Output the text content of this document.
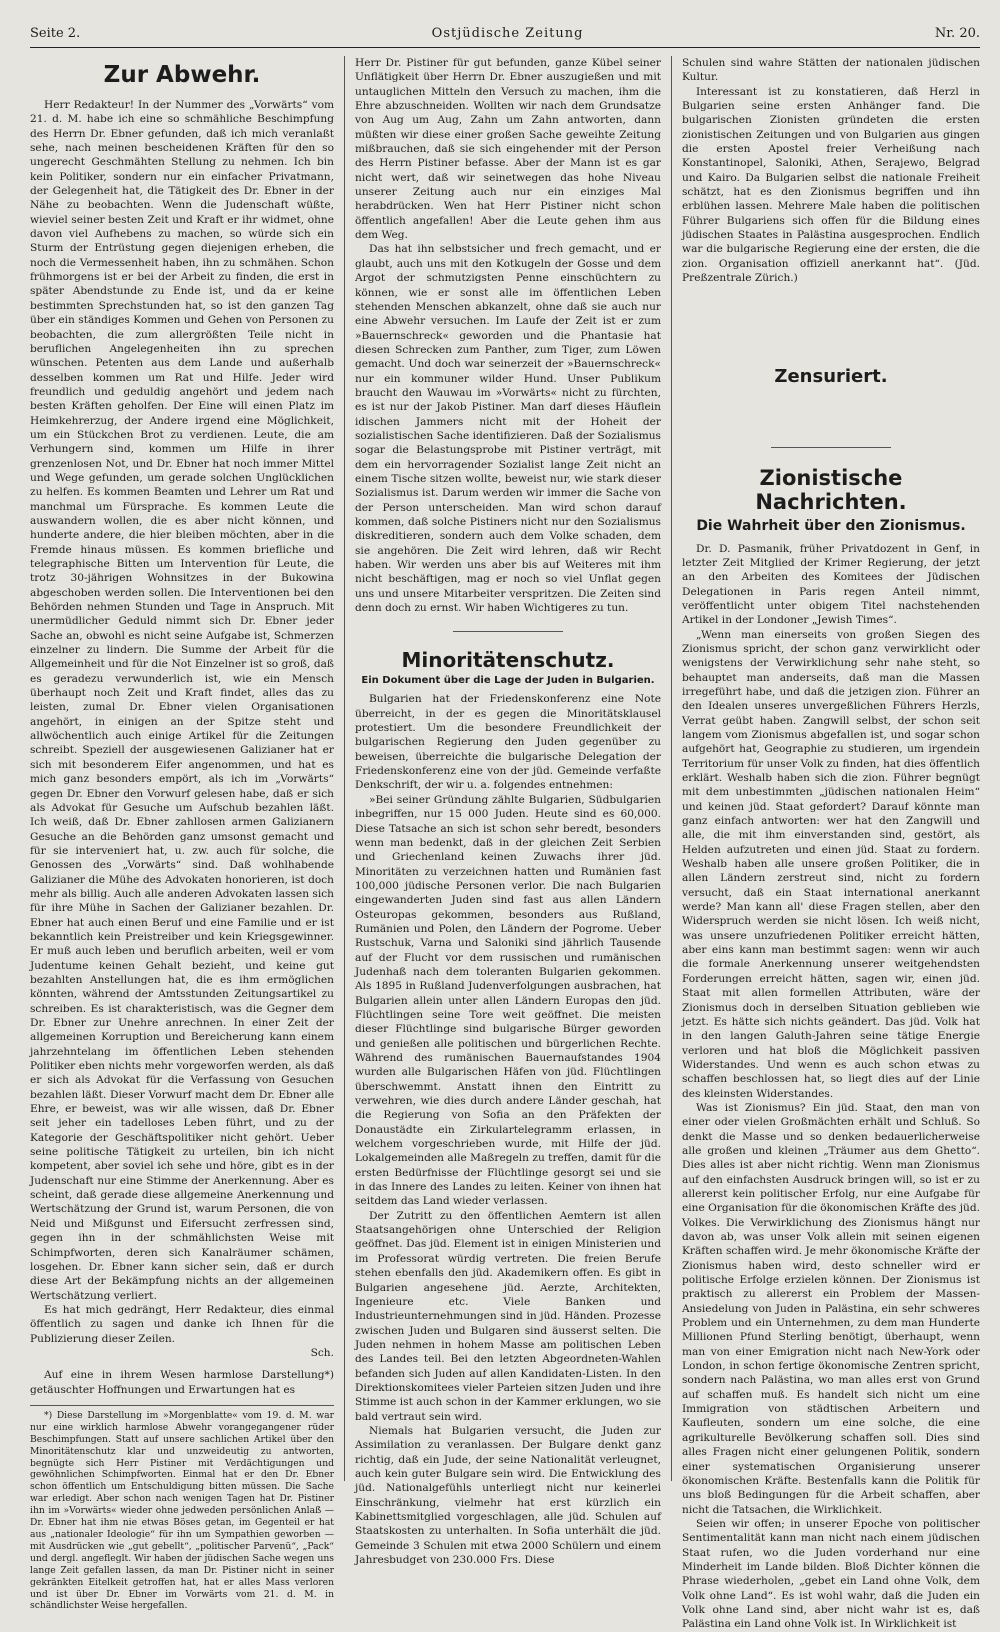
Seite 2.	Ostjüdische Zeitung	Nr. 20.
Zur Abwehr.

Herr Redakteur! In der Nummer des „Vorwärts“ vom 21. d. M. habe ich eine so schmähliche Beschimpfung des Herrn Dr. Ebner gefunden, daß ich mich veranlaßt sehe, nach meinen bescheidenen Kräften für den so ungerecht Geschmähten Stellung zu nehmen. Ich bin kein Politiker, sondern nur ein einfacher Privatmann, der Gelegenheit hat, die Tätigkeit des Dr. Ebner in der Nähe zu beobachten. Wenn die Judenschaft wüßte, wieviel seiner besten Zeit und Kraft er ihr widmet, ohne davon viel Aufhebens zu machen, so würde sich ein Sturm der Entrüstung gegen diejenigen erheben, die noch die Vermessenheit haben, ihn zu schmähen. Schon frühmorgens ist er bei der Arbeit zu finden, die erst in später Abendstunde zu Ende ist, und da er keine bestimmten Sprechstunden hat, so ist den ganzen Tag über ein ständiges Kommen und Gehen von Personen zu beobachten, die zum allergrößten Teile nicht in beruflichen Angelegenheiten ihn zu sprechen wünschen. Petenten aus dem Lande und außerhalb desselben kommen um Rat und Hilfe. Jeder wird freundlich und geduldig angehört und jedem nach besten Kräften geholfen. Der Eine will einen Platz im Heimkehrerzug, der Andere irgend eine Möglichkeit, um ein Stückchen Brot zu verdienen. Leute, die am Verhungern sind, kommen um Hilfe in ihrer grenzenlosen Not, und Dr. Ebner hat noch immer Mittel und Wege gefunden, um gerade solchen Unglücklichen zu helfen. Es kommen Beamten und Lehrer um Rat und manchmal um Fürsprache. Es kommen Leute die auswandern wollen, die es aber nicht können, und hunderte andere, die hier bleiben möchten, aber in die Fremde hinaus müssen. Es kommen briefliche und telegraphische Bitten um Intervention für Leute, die trotz 30-jährigen Wohnsitzes in der Bukowina abgeschoben werden sollen. Die Interventionen bei den Behörden nehmen Stunden und Tage in Anspruch. Mit unermüdlicher Geduld nimmt sich Dr. Ebner jeder Sache an, obwohl es nicht seine Aufgabe ist, Schmerzen einzelner zu lindern. Die Summe der Arbeit für die Allgemeinheit und für die Not Einzelner ist so groß, daß es geradezu verwunderlich ist, wie ein Mensch überhaupt noch Zeit und Kraft findet, alles das zu leisten, zumal Dr. Ebner vielen Organisationen angehört, in einigen an der Spitze steht und allwöchentlich auch einige Artikel für die Zeitungen schreibt. Speziell der ausgewiesenen Galizianer hat er sich mit besonderem Eifer angenommen, und hat es mich ganz besonders empört, als ich im „Vorwärts“ gegen Dr. Ebner den Vorwurf gelesen habe, daß er sich als Advokat für Gesuche um Aufschub bezahlen läßt. Ich weiß, daß Dr. Ebner zahllosen armen Galizianern Gesuche an die Behörden ganz umsonst gemacht und für sie interveniert hat, u. zw. auch für solche, die Genossen des „Vorwärts“ sind. Daß wohlhabende Galizianer die Mühe des Advokaten honorieren, ist doch mehr als billig. Auch alle anderen Advokaten lassen sich für ihre Mühe in Sachen der Galizianer bezahlen. Dr. Ebner hat auch einen Beruf und eine Familie und er ist bekanntlich kein Preistreiber und kein Kriegsgewinner. Er muß auch leben und beruflich arbeiten, weil er vom Judentume keinen Gehalt bezieht, und keine gut bezahlten Anstellungen hat, die es ihm ermöglichen könnten, während der Amtsstunden Zeitungsartikel zu schreiben. Es ist charakteristisch, was die Gegner dem Dr. Ebner zur Unehre anrechnen. In einer Zeit der allgemeinen Korruption und Bereicherung kann einem jahrzehntelang im öffentlichen Leben stehenden Politiker eben nichts mehr vorgeworfen werden, als daß er sich als Advokat für die Verfassung von Gesuchen bezahlen läßt. Dieser Vorwurf macht dem Dr. Ebner alle Ehre, er beweist, was wir alle wissen, daß Dr. Ebner seit jeher ein tadelloses Leben führt, und zu der Kategorie der Geschäftspolitiker nicht gehört. Ueber seine politische Tätigkeit zu urteilen, bin ich nicht kompetent, aber soviel ich sehe und höre, gibt es in der Judenschaft nur eine Stimme der Anerkennung. Aber es scheint, daß gerade diese allgemeine Anerkennung und Wertschätzung der Grund ist, warum Personen, die von Neid und Mißgunst und Eifersucht zerfressen sind, gegen ihn in der schmählichsten Weise mit Schimpfworten, deren sich Kanalräumer schämen, losgehen. Dr. Ebner kann sicher sein, daß er durch diese Art der Bekämpfung nichts an der allgemeinen Wertschätzung verliert.

Es hat mich gedrängt, Herr Redakteur, dies einmal öffentlich zu sagen und danke ich Ihnen für die Publizierung dieser Zeilen.

Sch.

Auf eine in ihrem Wesen harmlose Darstellung*) getäuschter Hoffnungen und Erwartungen hat es

*) Diese Darstellung im »Morgenblatte« vom 19. d. M. war nur eine wirklich harmlose Abwehr vorangegangener rüder Beschimpfungen. Statt auf unsere sachlichen Artikel über den Minoritätenschutz klar und unzweideutig zu antworten, begnügte sich Herr Pistiner mit Verdächtigungen und gewöhnlichen Schimpfworten. Einmal hat er den Dr. Ebner schon öffentlich um Entschuldigung bitten müssen. Die Sache war erledigt. Aber schon nach wenigen Tagen hat Dr. Pistiner ihn im »Vorwärts« wieder ohne jedweden persönlichen Anlaß — Dr. Ebner hat ihm nie etwas Böses getan, im Gegenteil er hat aus „nationaler Ideologie“ für ihn um Sympathien geworben — mit Ausdrücken wie „gut gebellt“, „politischer Parvenü“, „Pack“ und dergl. angefleglt. Wir haben der jüdischen Sache wegen uns lange Zeit gefallen lassen, da man Dr. Pistiner nicht in seiner gekränkten Eitelkeit getroffen hat, hat er alles Mass verloren und ist über Dr. Ebner im Vorwärts vom 21. d. M. in schändlichster Weise hergefallen.

Herr Dr. Pistiner für gut befunden, ganze Kübel seiner Unflätigkeit über Herrn Dr. Ebner auszugießen und mit untauglichen Mitteln den Versuch zu machen, ihm die Ehre abzuschneiden. Wollten wir nach dem Grundsatze von Aug um Aug, Zahn um Zahn antworten, dann müßten wir diese einer großen Sache geweihte Zeitung mißbrauchen, daß sie sich eingehender mit der Person des Herrn Pistiner befasse. Aber der Mann ist es gar nicht wert, daß wir seinetwegen das hohe Niveau unserer Zeitung auch nur ein einziges Mal herabdrücken. Wen hat Herr Pistiner nicht schon öffentlich angefallen! Aber die Leute gehen ihm aus dem Weg.

Das hat ihn selbstsicher und frech gemacht, und er glaubt, auch uns mit den Kotkugeln der Gosse und dem Argot der schmutzigsten Penne einschüchtern zu können, wie er sonst alle im öffentlichen Leben stehenden Menschen abkanzelt, ohne daß sie auch nur eine Abwehr versuchen. Im Laufe der Zeit ist er zum »Bauernschreck« geworden und die Phantasie hat diesen Schrecken zum Panther, zum Tiger, zum Löwen gemacht. Und doch war seinerzeit der »Bauernschreck« nur ein kommuner wilder Hund. Unser Publikum braucht den Wauwau im »Vorwärts« nicht zu fürchten, es ist nur der Jakob Pistiner. Man darf dieses Häuflein idischen Jammers nicht mit der Hoheit der sozialistischen Sache identifizieren. Daß der Sozialismus sogar die Belastungsprobe mit Pistiner verträgt, mit dem ein hervorragender Sozialist lange Zeit nicht an einem Tische sitzen wollte, beweist nur, wie stark dieser Sozialismus ist. Darum werden wir immer die Sache von der Person unterscheiden. Man wird schon darauf kommen, daß solche Pistiners nicht nur den Sozialismus diskreditieren, sondern auch dem Volke schaden, dem sie angehören. Die Zeit wird lehren, daß wir Recht haben. Wir werden uns aber bis auf Weiteres mit ihm nicht beschäftigen, mag er noch so viel Unflat gegen uns und unsere Mitarbeiter verspritzen. Die Zeiten sind denn doch zu ernst. Wir haben Wichtigeres zu tun.

Minoritätenschutz.
Ein Dokument über die Lage der Juden in Bulgarien.

Bulgarien hat der Friedenskonferenz eine Note überreicht, in der es gegen die Minoritätsklausel protestiert. Um die besondere Freundlichkeit der bulgarischen Regierung den Juden gegenüber zu beweisen, überreichte die bulgarische Delegation der Friedenskonferenz eine von der jüd. Gemeinde verfaßte Denkschrift, der wir u. a. folgendes entnehmen:

»Bei seiner Gründung zählte Bulgarien, Südbulgarien inbegriffen, nur 15 000 Juden. Heute sind es 60,000. Diese Tatsache an sich ist schon sehr beredt, besonders wenn man bedenkt, daß in der gleichen Zeit Serbien und Griechenland keinen Zuwachs ihrer jüd. Minoritäten zu verzeichnen hatten und Rumänien fast 100,000 jüdische Personen verlor. Die nach Bulgarien eingewanderten Juden sind fast aus allen Ländern Osteuropas gekommen, besonders aus Rußland, Rumänien und Polen, den Ländern der Pogrome. Ueber Rustschuk, Varna und Saloniki sind jährlich Tausende auf der Flucht vor dem russischen und rumänischen Judenhaß nach dem toleranten Bulgarien gekommen. Als 1895 in Rußland Judenverfolgungen ausbrachen, hat Bulgarien allein unter allen Ländern Europas den jüd. Flüchtlingen seine Tore weit geöffnet. Die meisten dieser Flüchtlinge sind bulgarische Bürger geworden und genießen alle politischen und bürgerlichen Rechte. Während des rumänischen Bauernaufstandes 1904 wurden alle Bulgarischen Häfen von jüd. Flüchtlingen überschwemmt. Anstatt ihnen den Eintritt zu verwehren, wie dies durch andere Länder geschah, hat die Regierung von Sofia an den Präfekten der Donaustädte ein Zirkulartelegramm erlassen, in welchem vorgeschrieben wurde, mit Hilfe der jüd. Lokalgemeinden alle Maßregeln zu treffen, damit für die ersten Bedürfnisse der Flüchtlinge gesorgt sei und sie in das Innere des Landes zu leiten. Keiner von ihnen hat seitdem das Land wieder verlassen.

Der Zutritt zu den öffentlichen Aemtern ist allen Staatsangehörigen ohne Unterschied der Religion geöffnet. Das jüd. Element ist in einigen Ministerien und im Professorat würdig vertreten. Die freien Berufe stehen ebenfalls den jüd. Akademikern offen. Es gibt in Bulgarien angesehene jüd. Aerzte, Architekten, Ingenieure etc. Viele Banken und Industrieunternehmungen sind in jüd. Händen. Prozesse zwischen Juden und Bulgaren sind äusserst selten. Die Juden nehmen in hohem Masse am politischen Leben des Landes teil. Bei den letzten Abgeordneten-Wahlen befanden sich Juden auf allen Kandidaten-Listen. In den Direktionskomitees vieler Parteien sitzen Juden und ihre Stimme ist auch schon in der Kammer erklungen, wo sie bald vertraut sein wird.

Niemals hat Bulgarien versucht, die Juden zur Assimilation zu veranlassen. Der Bulgare denkt ganz richtig, daß ein Jude, der seine Nationalität verleugnet, auch kein guter Bulgare sein wird. Die Entwicklung des jüd. Nationalgefühls unterliegt nicht nur keinerlei Einschränkung, vielmehr hat erst kürzlich ein Kabinettsmitglied vorgeschlagen, alle jüd. Schulen auf Staatskosten zu unterhalten. In Sofia unterhält die jüd. Gemeinde 3 Schulen mit etwa 2000 Schülern und einem Jahresbudget von 230.000 Frs. Diese

Schulen sind wahre Stätten der nationalen jüdischen Kultur.

Interessant ist zu konstatieren, daß Herzl in Bulgarien seine ersten Anhänger fand. Die bulgarischen Zionisten gründeten die ersten zionistischen Zeitungen und von Bulgarien aus gingen die ersten Apostel freier Verheißung nach Konstantinopel, Saloniki, Athen, Serajewo, Belgrad und Kairo. Da Bulgarien selbst die nationale Freiheit schätzt, hat es den Zionismus begriffen und ihn erblühen lassen. Mehrere Male haben die politischen Führer Bulgariens sich offen für die Bildung eines jüdischen Staates in Palästina ausgesprochen. Endlich war die bulgarische Regierung eine der ersten, die die zion. Organisation offiziell anerkannt hat“. (Jüd. Preßzentrale Zürich.)

Zensuriert.
Zionistische Nachrichten.
Die Wahrheit über den Zionismus.

Dr. D. Pasmanik, früher Privatdozent in Genf, in letzter Zeit Mitglied der Krimer Regierung, der jetzt an den Arbeiten des Komitees der Jüdischen Delegationen in Paris regen Anteil nimmt, veröffentlicht unter obigem Titel nachstehenden Artikel in der Londoner „Jewish Times“.

„Wenn man einerseits von großen Siegen des Zionismus spricht, der schon ganz verwirklicht oder wenigstens der Verwirklichung sehr nahe steht, so behauptet man anderseits, daß man die Massen irregeführt habe, und daß die jetzigen zion. Führer an den Idealen unseres unvergeßlichen Führers Herzls, Verrat geübt haben. Zangwill selbst, der schon seit langem vom Zionismus abgefallen ist, und sogar schon aufgehört hat, Geographie zu studieren, um irgendein Territorium für unser Volk zu finden, hat dies öffentlich erklärt. Weshalb haben sich die zion. Führer begnügt mit dem unbestimmten „jüdischen nationalen Heim“ und keinen jüd. Staat gefordert? Darauf könnte man ganz einfach antworten: wer hat den Zangwill und alle, die mit ihm einverstanden sind, gestört, als Helden aufzutreten und einen jüd. Staat zu fordern. Weshalb haben alle unsere großen Politiker, die in allen Ländern zerstreut sind, nicht zu fordern versucht, daß ein Staat international anerkannt werde? Man kann all' diese Fragen stellen, aber den Widerspruch werden sie nicht lösen. Ich weiß nicht, was unsere unzufriedenen Politiker erreicht hätten, aber eins kann man bestimmt sagen: wenn wir auch die formale Anerkennung unserer weitgehendsten Forderungen erreicht hätten, sagen wir, einen jüd. Staat mit allen formellen Attributen, wäre der Zionismus doch in derselben Situation geblieben wie jetzt. Es hätte sich nichts geändert. Das jüd. Volk hat in den langen Galuth-Jahren seine tätige Energie verloren und hat bloß die Möglichkeit passiven Widerstandes. Und wenn es auch schon etwas zu schaffen beschlossen hat, so liegt dies auf der Linie des kleinsten Widerstandes.

Was ist Zionismus? Ein jüd. Staat, den man von einer oder vielen Großmächten erhält und Schluß. So denkt die Masse und so denken bedauerlicherweise alle großen und kleinen „Träumer aus dem Ghetto“. Dies alles ist aber nicht richtig. Wenn man Zionismus auf den einfachsten Ausdruck bringen will, so ist er zu allererst kein politischer Erfolg, nur eine Aufgabe für eine Organisation für die ökonomischen Kräfte des jüd. Volkes. Die Verwirklichung des Zionismus hängt nur davon ab, was unser Volk allein mit seinen eigenen Kräften schaffen wird. Je mehr ökonomische Kräfte der Zionismus haben wird, desto schneller wird er politische Erfolge erzielen können. Der Zionismus ist praktisch zu allererst ein Problem der Massen-Ansiedelung von Juden in Palästina, ein sehr schweres Problem und ein Unternehmen, zu dem man Hunderte Millionen Pfund Sterling benötigt, überhaupt, wenn man von einer Emigration nicht nach New-York oder London, in schon fertige ökonomische Zentren spricht, sondern nach Palästina, wo man alles erst von Grund auf schaffen muß. Es handelt sich nicht um eine Immigration von städtischen Arbeitern und Kaufleuten, sondern um eine solche, die eine agrikulturelle Bevölkerung schaffen soll. Dies sind alles Fragen nicht einer gelungenen Politik, sondern einer systematischen Organisierung unserer ökonomischen Kräfte. Bestenfalls kann die Politik für uns bloß Bedingungen für die Arbeit schaffen, aber nicht die Tatsachen, die Wirklichkeit.

Seien wir offen; in unserer Epoche von politischer Sentimentalität kann man nicht nach einem jüdischen Staat rufen, wo die Juden vorderhand nur eine Minderheit im Lande bilden. Bloß Dichter können die Phrase wiederholen, „gebet ein Land ohne Volk, dem Volk ohne Land“. Es ist wohl wahr, daß die Juden ein Volk ohne Land sind, aber nicht wahr ist es, daß Palästina ein Land ohne Volk ist. In Wirklichkeit ist
